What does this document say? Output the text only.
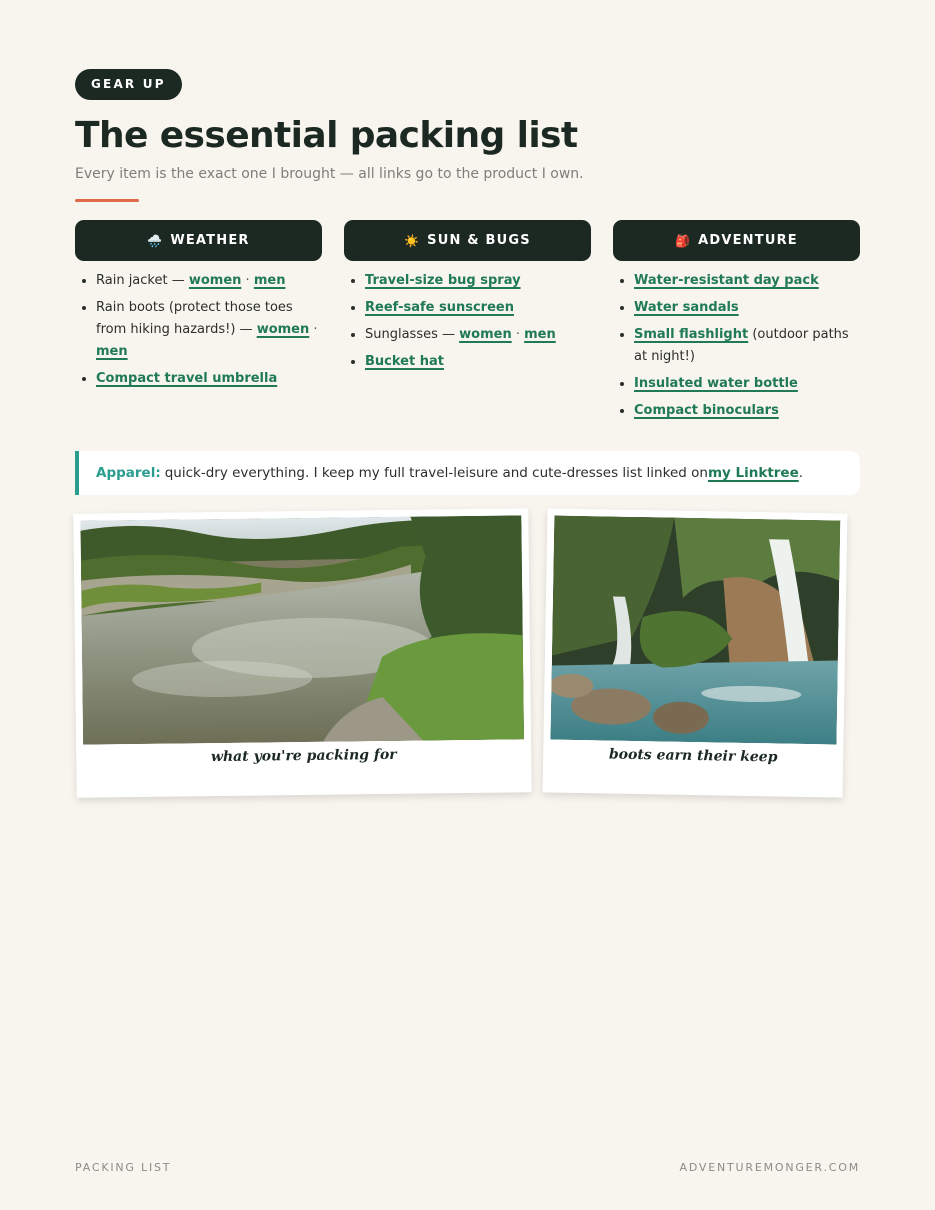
GEAR UP
The essential packing list
Every item is the exact one I brought — all links go to the product I own.
🌧️ WEATHER
• Rain jacket — women · men
• Rain boots (protect those toes from hiking hazards!) — women · men
• Compact travel umbrella
☀️ SUN & BUGS
• Travel-size bug spray
• Reef-safe sunscreen
• Sunglasses — women · men
• Bucket hat
🎒 ADVENTURE
• Water-resistant day pack
• Water sandals
• Small flashlight (outdoor paths at night!)
• Insulated water bottle
• Compact binoculars
Apparel: quick-dry everything. I keep my full travel-leisure and cute-dresses list linked on my Linktree .
what you're packing for	boots earn their keep
PACKING LIST	ADVENTUREMONGER.COM
